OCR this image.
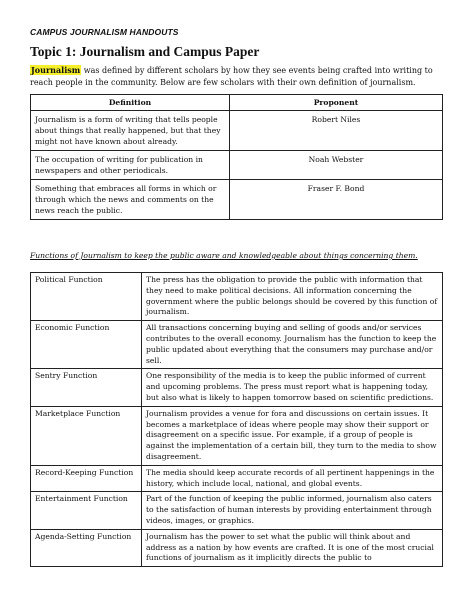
CAMPUS JOURNALISM HANDOUTS
Topic 1: Journalism and Campus Paper
Journalism was defined by different scholars by how they see events being crafted into writing to reach people in the community. Below are few scholars with their own definition of journalism.
Definition	Proponent
Journalism is a form of writing that tells people about things that really happened, but that they might not have known about already.	Robert Niles
The occupation of writing for publication in newspapers and other periodicals.	Noah Webster
Something that embraces all forms in which or through which the news and comments on the news reach the public.	Fraser F. Bond
Functions of Journalism to keep the public aware and knowledgeable about things concerning them.
Political Function	The press has the obligation to provide the public with information that they need to make political decisions. All information concerning the government where the public belongs should be covered by this function of journalism.
Economic Function	All transactions concerning buying and selling of goods and/or services contributes to the overall economy. Journalism has the function to keep the public updated about everything that the consumers may purchase and/or sell.
Sentry Function	One responsibility of the media is to keep the public informed of current and upcoming problems. The press must report what is happening today, but also what is likely to happen tomorrow based on scientific predictions.
Marketplace Function	Journalism provides a venue for fora and discussions on certain issues. It becomes a marketplace of ideas where people may show their support or disagreement on a specific issue. For example, if a group of people is against the implementation of a certain bill, they turn to the media to show disagreement.
Record-Keeping Function	The media should keep accurate records of all pertinent happenings in the history, which include local, national, and global events.
Entertainment Function	Part of the function of keeping the public informed, journalism also caters to the satisfaction of human interests by providing entertainment through videos, images, or graphics.
Agenda-Setting Function	Journalism has the power to set what the public will think about and address as a nation by how events are crafted. It is one of the most crucial functions of journalism as it implicitly directs the public to
